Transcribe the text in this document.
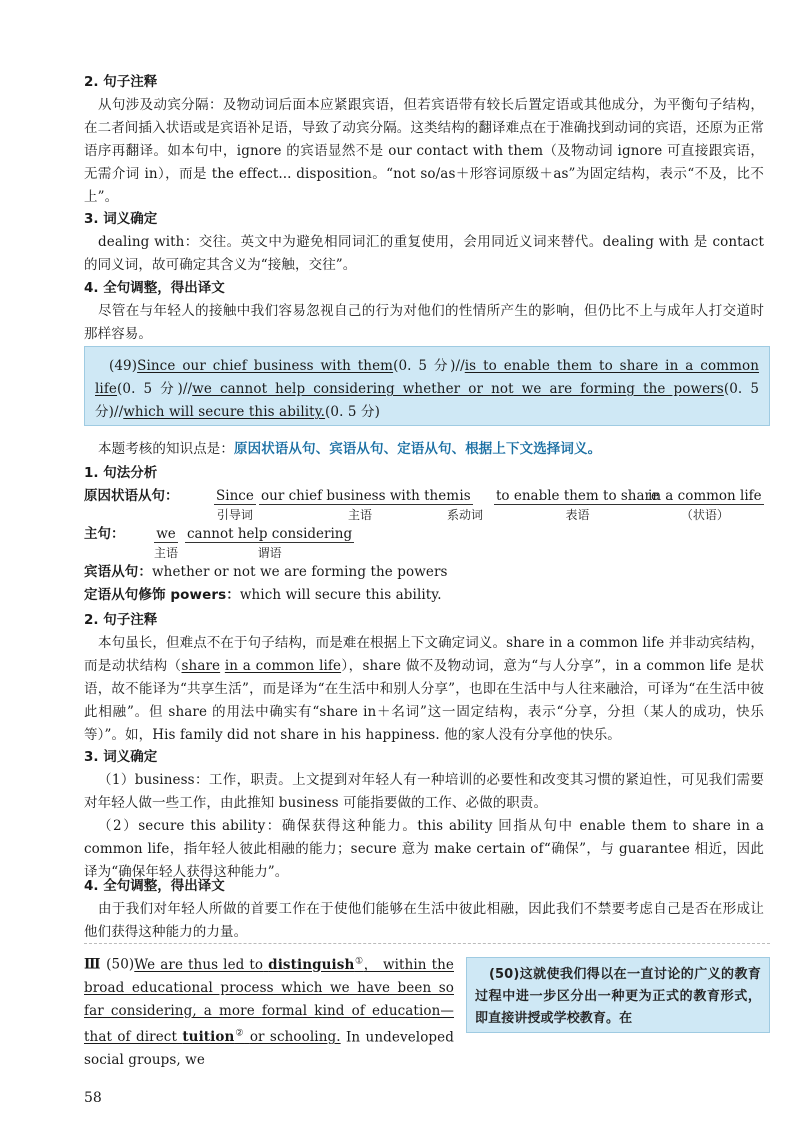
2. 句子注释
从句涉及动宾分隔：及物动词后面本应紧跟宾语，但若宾语带有较长后置定语或其他成分，为平衡句子结构，在二者间插入状语或是宾语补足语，导致了动宾分隔。这类结构的翻译难点在于准确找到动词的宾语，还原为正常语序再翻译。如本句中，ignore 的宾语显然不是 our contact with them（及物动词 ignore 可直接跟宾语，无需介词 in），而是 the effect... disposition。“not so/as＋形容词原级＋as”为固定结构，表示“不及，比不上”。
3. 词义确定
dealing with：交往。英文中为避免相同词汇的重复使用，会用同近义词来替代。dealing with 是 contact 的同义词，故可确定其含义为“接触，交往”。
4. 全句调整，得出译文
尽管在与年轻人的接触中我们容易忽视自己的行为对他们的性情所产生的影响，但仍比不上与成年人打交道时那样容易。
(49)Since our chief business with them(0. 5 分)//is to enable them to share in a common life(0. 5 分)//we cannot help considering whether or not we are forming the powers(0. 5 分)//which will secure this ability.(0. 5 分)
本题考核的知识点是：原因状语从句、宾语从句、定语从句、根据上下文选择词义。
1. 句法分析
原因状语从句：	Since
引导词
our chief business with them
主语
is
系动词
to enable them to share
表语
in a common life
（状语）
主句： we
主语
cannot help considering
谓语
宾语从句：whether or not we are forming the powers
定语从句修饰 powers：which will secure this ability.
2. 句子注释
本句虽长，但难点不在于句子结构，而是难在根据上下文确定词义。share in a common life 并非动宾结构，而是动状结构（share in a common life），share 做不及物动词，意为“与人分享”，in a common life 是状语，故不能译为“共享生活”，而是译为“在生活中和别人分享”，也即在生活中与人往来融洽，可译为“在生活中彼此相融”。但 share 的用法中确实有“share in＋名词”这一固定结构，表示“分享，分担（某人的成功，快乐等）”。如，His family did not share in his happiness. 他的家人没有分享他的快乐。
3. 词义确定
（1）business：工作，职责。上文提到对年轻人有一种培训的必要性和改变其习惯的紧迫性，可见我们需要对年轻人做一些工作，由此推知 business 可能指要做的工作、必做的职责。
（2）secure this ability：确保获得这种能力。this ability 回指从句中 enable them to share in a common life，指年轻人彼此相融的能力；secure 意为 make certain of“确保”，与 guarantee 相近，因此译为“确保年轻人获得这种能力”。
4. 全句调整，得出译文
由于我们对年轻人所做的首要工作在于使他们能够在生活中彼此相融，因此我们不禁要考虑自己是否在形成让他们获得这种能力的力量。
Ⅲ (50)We are thus led to distinguish①， within the broad educational process which we have been so far considering, a more formal kind of education—that of direct tuition② or schooling. In undeveloped social groups, we
(50)这就使我们得以在一直讨论的广义的教育过程中进一步区分出一种更为正式的教育形式，即直接讲授或学校教育。在
58
